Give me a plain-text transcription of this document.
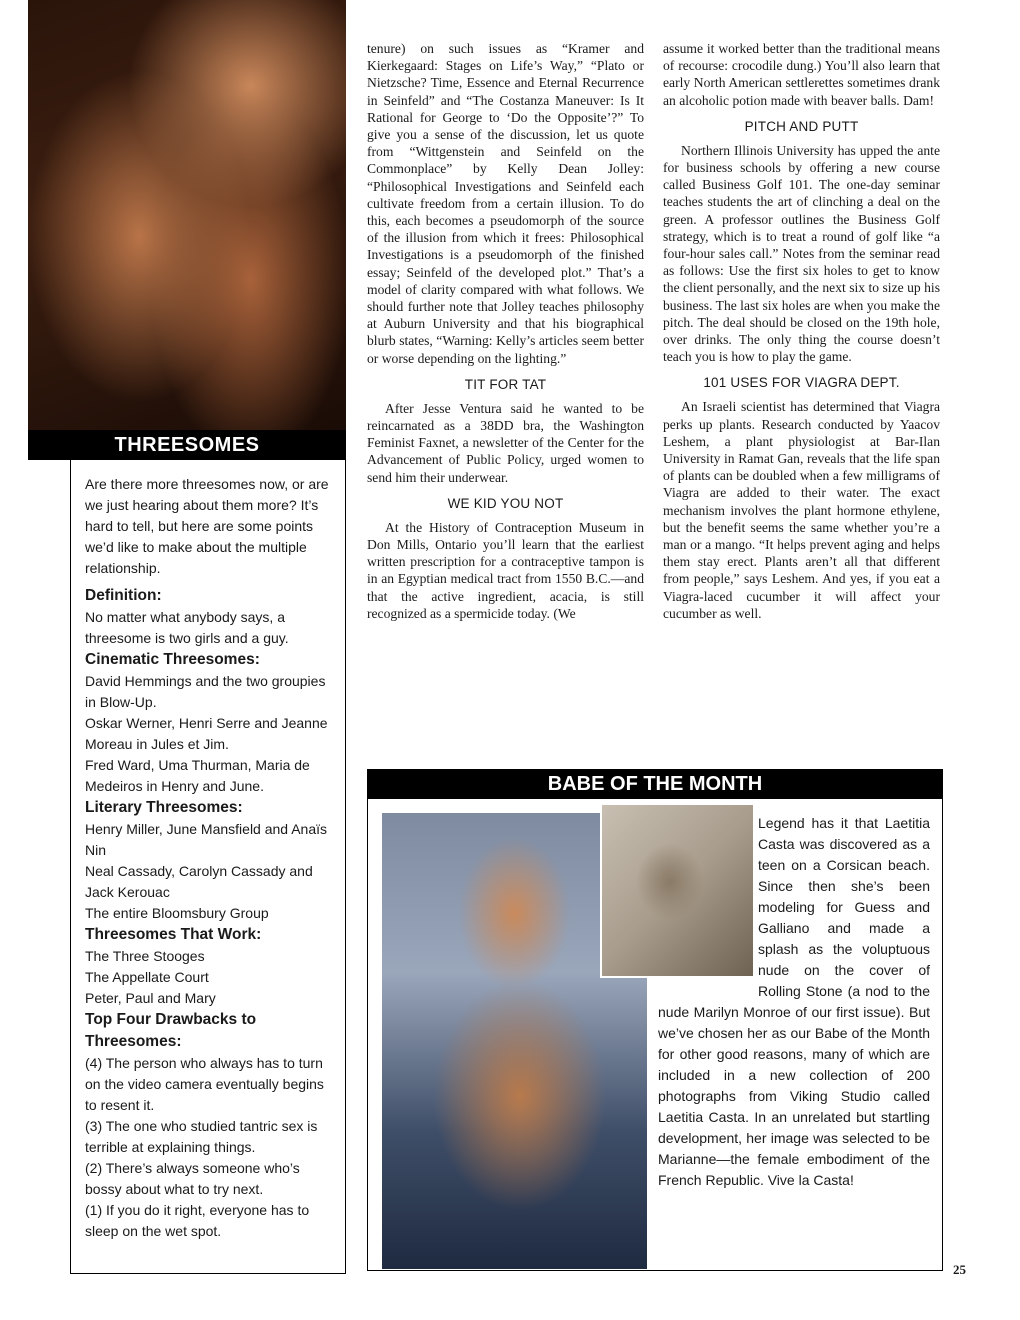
THREESOMES

Are there more threesomes now, or are we just hearing about them more? It’s hard to tell, but here are some points we’d like to make about the multiple relationship.

Definition:

No matter what anybody says, a threesome is two girls and a guy.

Cinematic Threesomes:

David Hemmings and the two groupies in Blow-Up.

Oskar Werner, Henri Serre and Jeanne Moreau in Jules et Jim.

Fred Ward, Uma Thurman, Maria de Medeiros in Henry and June.

Literary Threesomes:

Henry Miller, June Mansfield and Anaïs Nin

Neal Cassady, Carolyn Cassady and Jack Kerouac

The entire Bloomsbury Group

Threesomes That Work:

The Three Stooges

The Appellate Court

Peter, Paul and Mary

Top Four Drawbacks to Threesomes:

(4) The person who always has to turn on the video camera eventually begins to resent it.

(3) The one who studied tantric sex is terrible at explaining things.

(2) There’s always someone who’s bossy about what to try next.

(1) If you do it right, everyone has to sleep on the wet spot.

tenure) on such issues as “Kramer and Kierkegaard: Stages on Life’s Way,” “Plato or Nietzsche? Time, Essence and Eternal Recurrence in Seinfeld” and “The Costanza Maneuver: Is It Rational for George to ‘Do the Opposite’?” To give you a sense of the discussion, let us quote from “Wittgenstein and Seinfeld on the Commonplace” by Kelly Dean Jolley: “Philosophical Investigations and Seinfeld each cultivate freedom from a certain illusion. To do this, each becomes a pseudomorph of the source of the illusion from which it frees: Philosophical Investigations is a pseudomorph of the finished essay; Seinfeld of the developed plot.” That’s a model of clarity compared with what follows. We should further note that Jolley teaches philosophy at Auburn University and that his biographical blurb states, “Warning: Kelly’s articles seem better or worse depending on the lighting.”

TIT FOR TAT

After Jesse Ventura said he wanted to be reincarnated as a 38DD bra, the Washington Feminist Faxnet, a newsletter of the Center for the Advancement of Public Policy, urged women to send him their underwear.

WE KID YOU NOT

At the History of Contraception Museum in Don Mills, Ontario you’ll learn that the earliest written prescription for a contraceptive tampon is in an Egyptian medical tract from 1550 B.C.—and that the active ingredient, acacia, is still recognized as a spermicide today. (We

assume it worked better than the traditional means of recourse: crocodile dung.) You’ll also learn that early North American settlerettes sometimes drank an alcoholic potion made with beaver balls. Dam!

PITCH AND PUTT

Northern Illinois University has upped the ante for business schools by offering a new course called Business Golf 101. The one-day seminar teaches students the art of clinching a deal on the green. A professor outlines the Business Golf strategy, which is to treat a round of golf like “a four-hour sales call.” Notes from the seminar read as follows: Use the first six holes to get to know the client personally, and the next six to size up his business. The last six holes are when you make the pitch. The deal should be closed on the 19th hole, over drinks. The only thing the course doesn’t teach you is how to play the game.

101 USES FOR VIAGRA DEPT.

An Israeli scientist has determined that Viagra perks up plants. Research conducted by Yaacov Leshem, a plant physiologist at Bar-Ilan University in Ramat Gan, reveals that the life span of plants can be doubled when a few milligrams of Viagra are added to their water. The exact mechanism involves the plant hormone ethylene, but the benefit seems the same whether you’re a man or a mango. “It helps prevent aging and helps them stay erect. Plants aren’t all that different from people,” says Leshem. And yes, if you eat a Viagra-laced cucumber it will affect your cucumber as well.

BABE OF THE MONTH
Legend has it that Laetitia Casta was discovered as a teen on a Corsican beach. Since then she’s been modeling for Guess and Galliano and made a splash as the voluptuous nude on the cover of Rolling Stone (a nod to the nude Marilyn Monroe of our first issue). But we’ve chosen her as our Babe of the Month for other good reasons, many of which are included in a new collection of 200 photographs from Viking Studio called Laetitia Casta. In an unrelated but startling development, her image was selected to be Marianne—the female embodiment of the French Republic. Vive la Casta!
25
